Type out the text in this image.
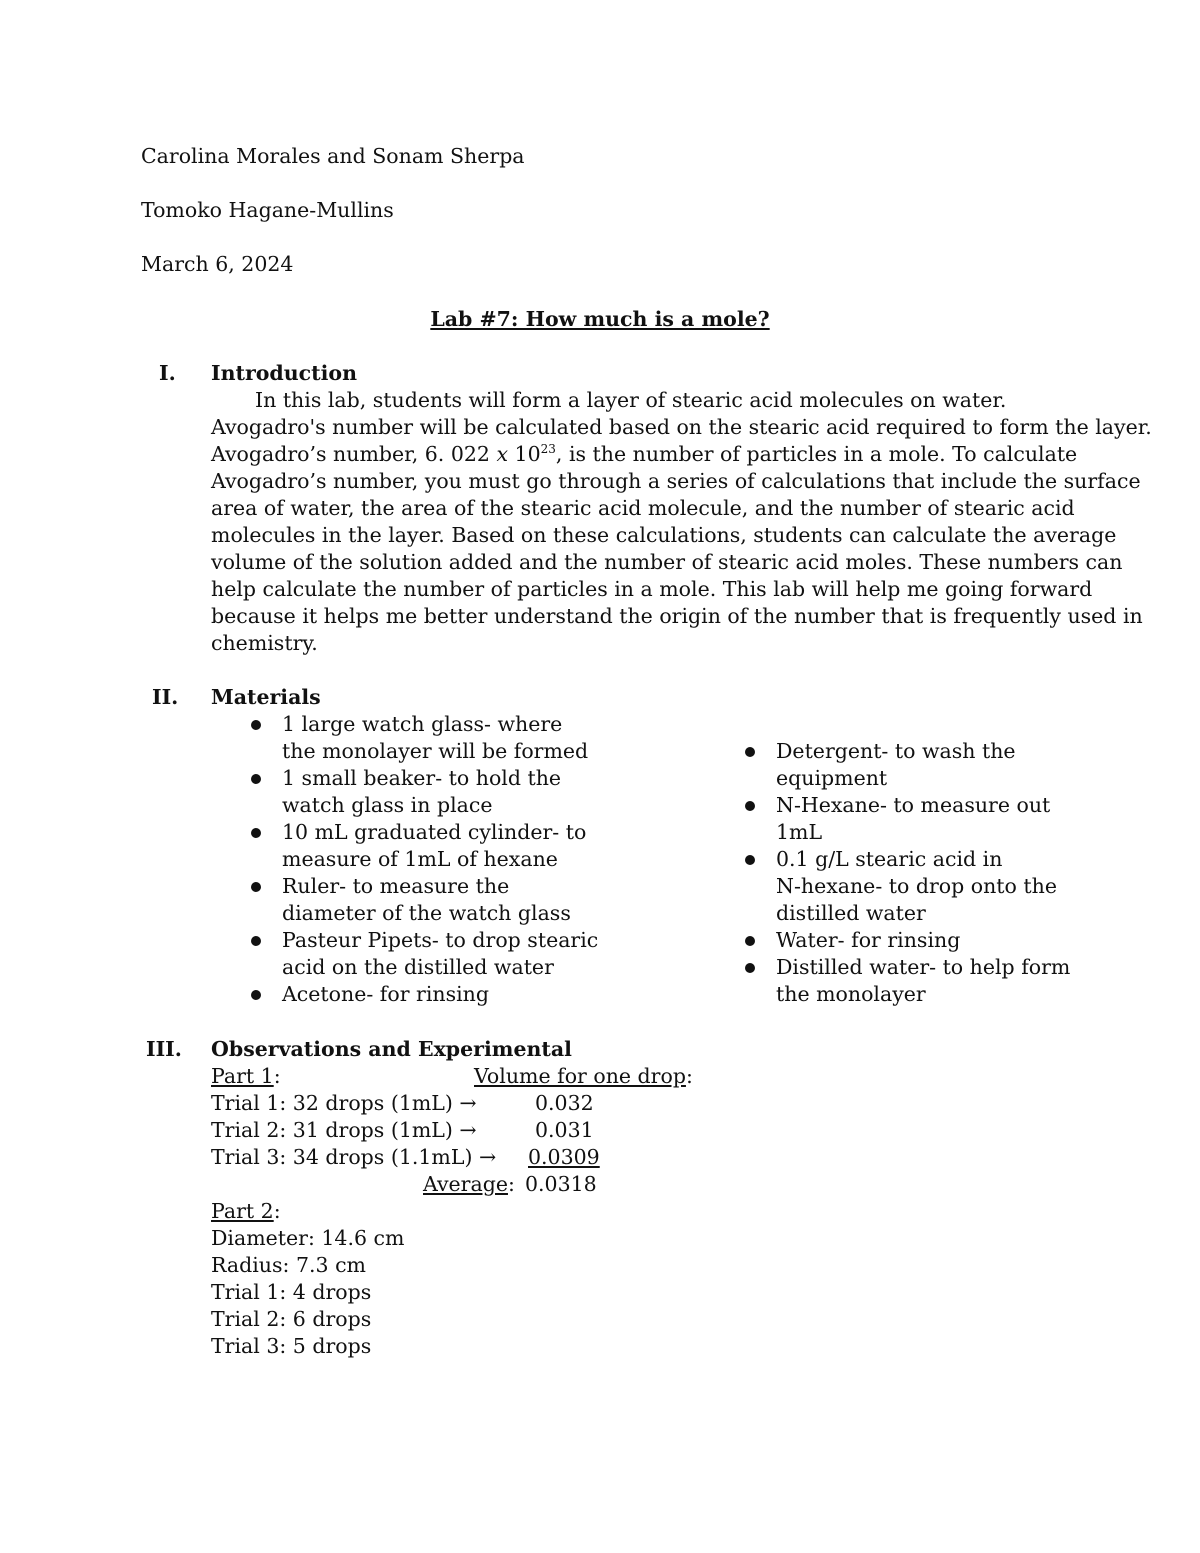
Carolina Morales and Sonam Sherpa
Tomoko Hagane-Mullins
March 6, 2024
Lab #7: How much is a mole?
I. Introduction
In this lab, students will form a layer of stearic acid molecules on water.
Avogadro's number will be calculated based on the stearic acid required to form the layer.
Avogadro’s number, 6. 022 x $10^{23}$, is the number of particles in a mole. To calculate
Avogadro’s number, you must go through a series of calculations that include the surface
area of water, the area of the stearic acid molecule, and the number of stearic acid
molecules in the layer. Based on these calculations, students can calculate the average
volume of the solution added and the number of stearic acid moles. These numbers can
help calculate the number of particles in a mole. This lab will help me going forward
because it helps me better understand the origin of the number that is frequently used in
chemistry.
II. Materials
1 large watch glass- where
the monolayer will be formed
1 small beaker- to hold the
watch glass in place
10 mL graduated cylinder- to
measure of 1mL of hexane
Ruler- to measure the
diameter of the watch glass
Pasteur Pipets- to drop stearic
acid on the distilled water
Acetone- for rinsing
Detergent- to wash the
equipment
N-Hexane- to measure out
1mL
0.1 g/L stearic acid in
N-hexane- to drop onto the
distilled water
Water- for rinsing
Distilled water- to help form
the monolayer
III. Observations and Experimental
Part 1:	Volume for one drop:
Trial 1: 32 drops (1mL) →	0.032
Trial 2: 31 drops (1mL) →	0.031
Trial 3: 34 drops (1.1mL) → 0.0309
Average: 0.0318
Part 2:
Diameter: 14.6 cm
Radius: 7.3 cm
Trial 1: 4 drops
Trial 2: 6 drops
Trial 3: 5 drops
